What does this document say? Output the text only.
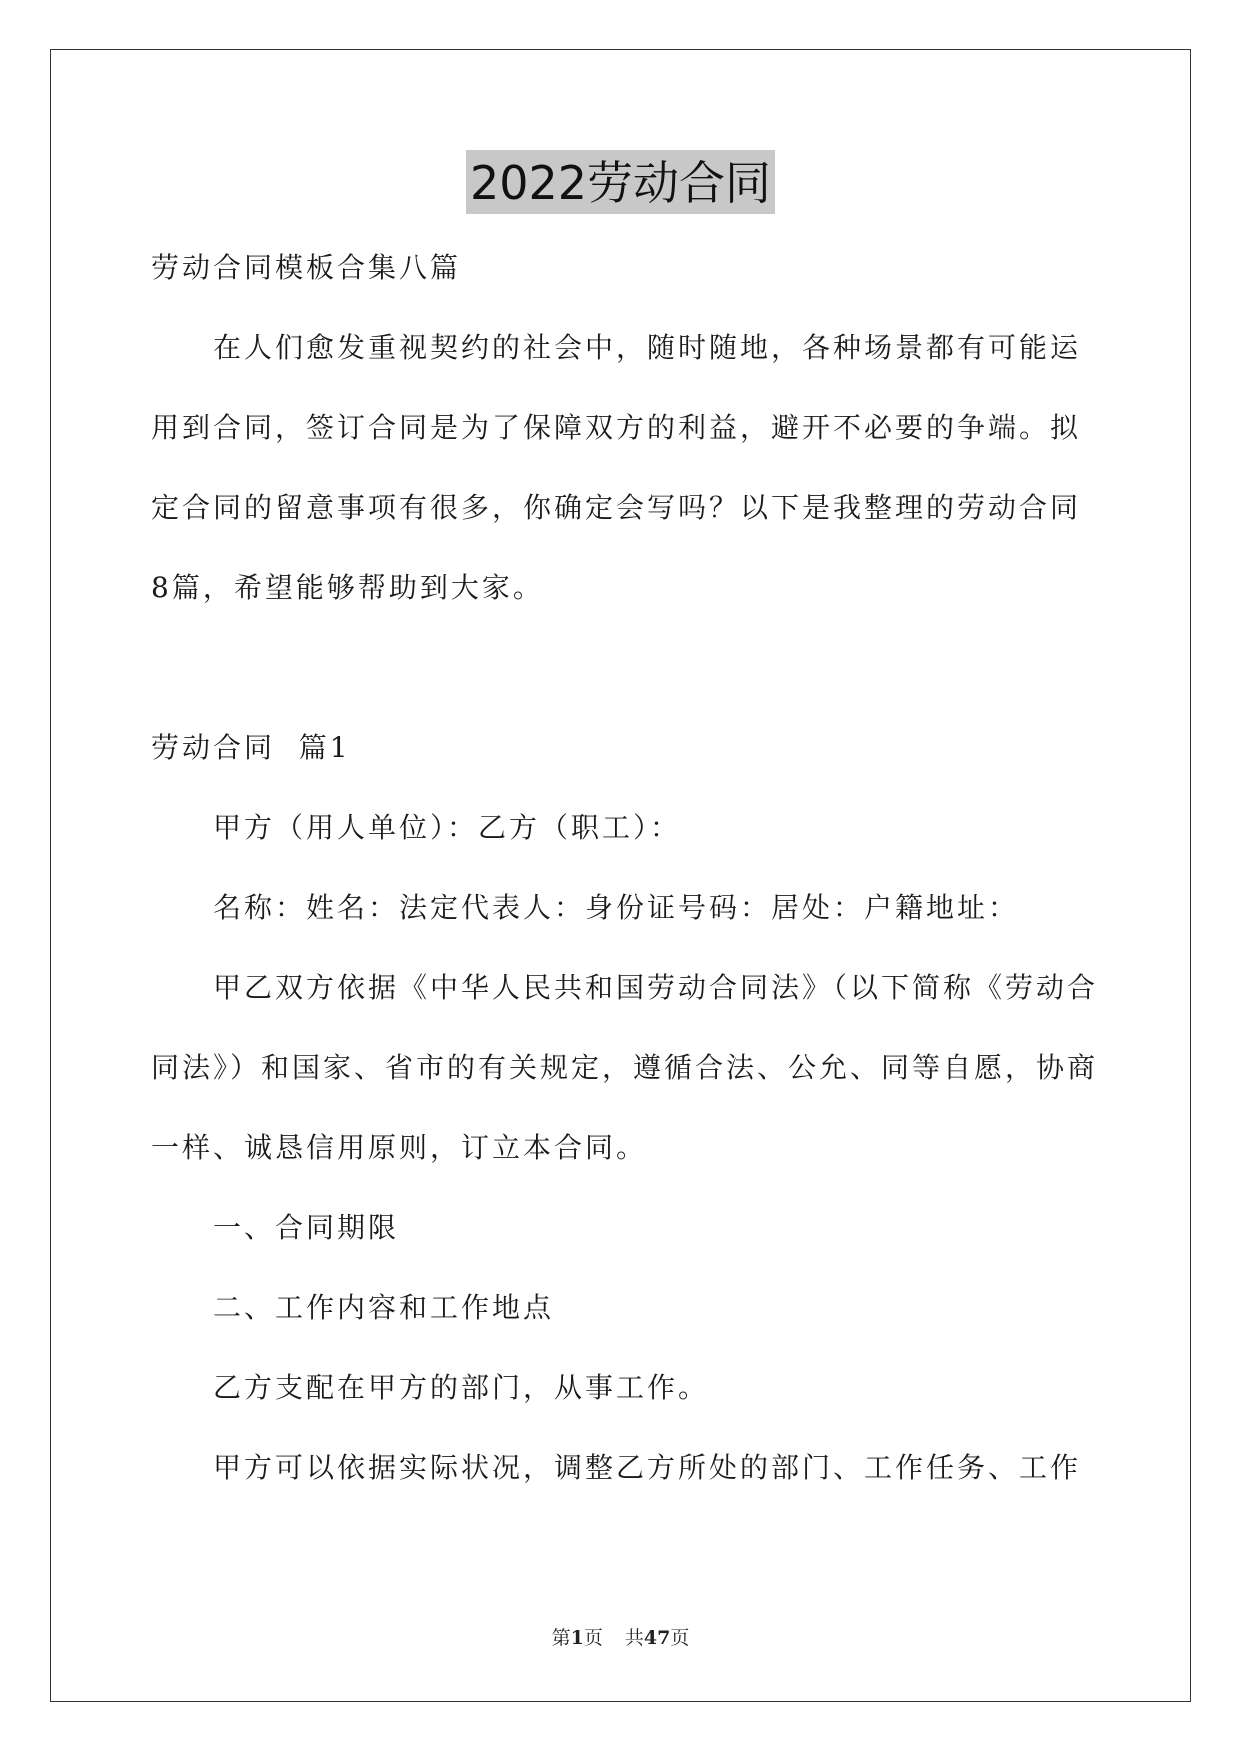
2022劳动合同
劳动合同模板合集八篇
在人们愈发重视契约的社会中，随时随地，各种场景都有可能运
用到合同，签订合同是为了保障双方的利益，避开不必要的争端。拟
定合同的留意事项有很多，你确定会写吗？以下是我整理的劳动合同
8篇，希望能够帮助到大家。
劳动合同  篇1
甲方（用人单位）：乙方（职工）：
名称：姓名：法定代表人：身份证号码：居处：户籍地址：
甲乙双方依据《中华人民共和国劳动合同法》（以下简称《劳动合
同法》）和国家、省市的有关规定，遵循合法、公允、同等自愿，协商
一样、诚恳信用原则，订立本合同。
一、合同期限
二、工作内容和工作地点
乙方支配在甲方的部门，从事工作。
甲方可以依据实际状况，调整乙方所处的部门、工作任务、工作
第1页 共47页
